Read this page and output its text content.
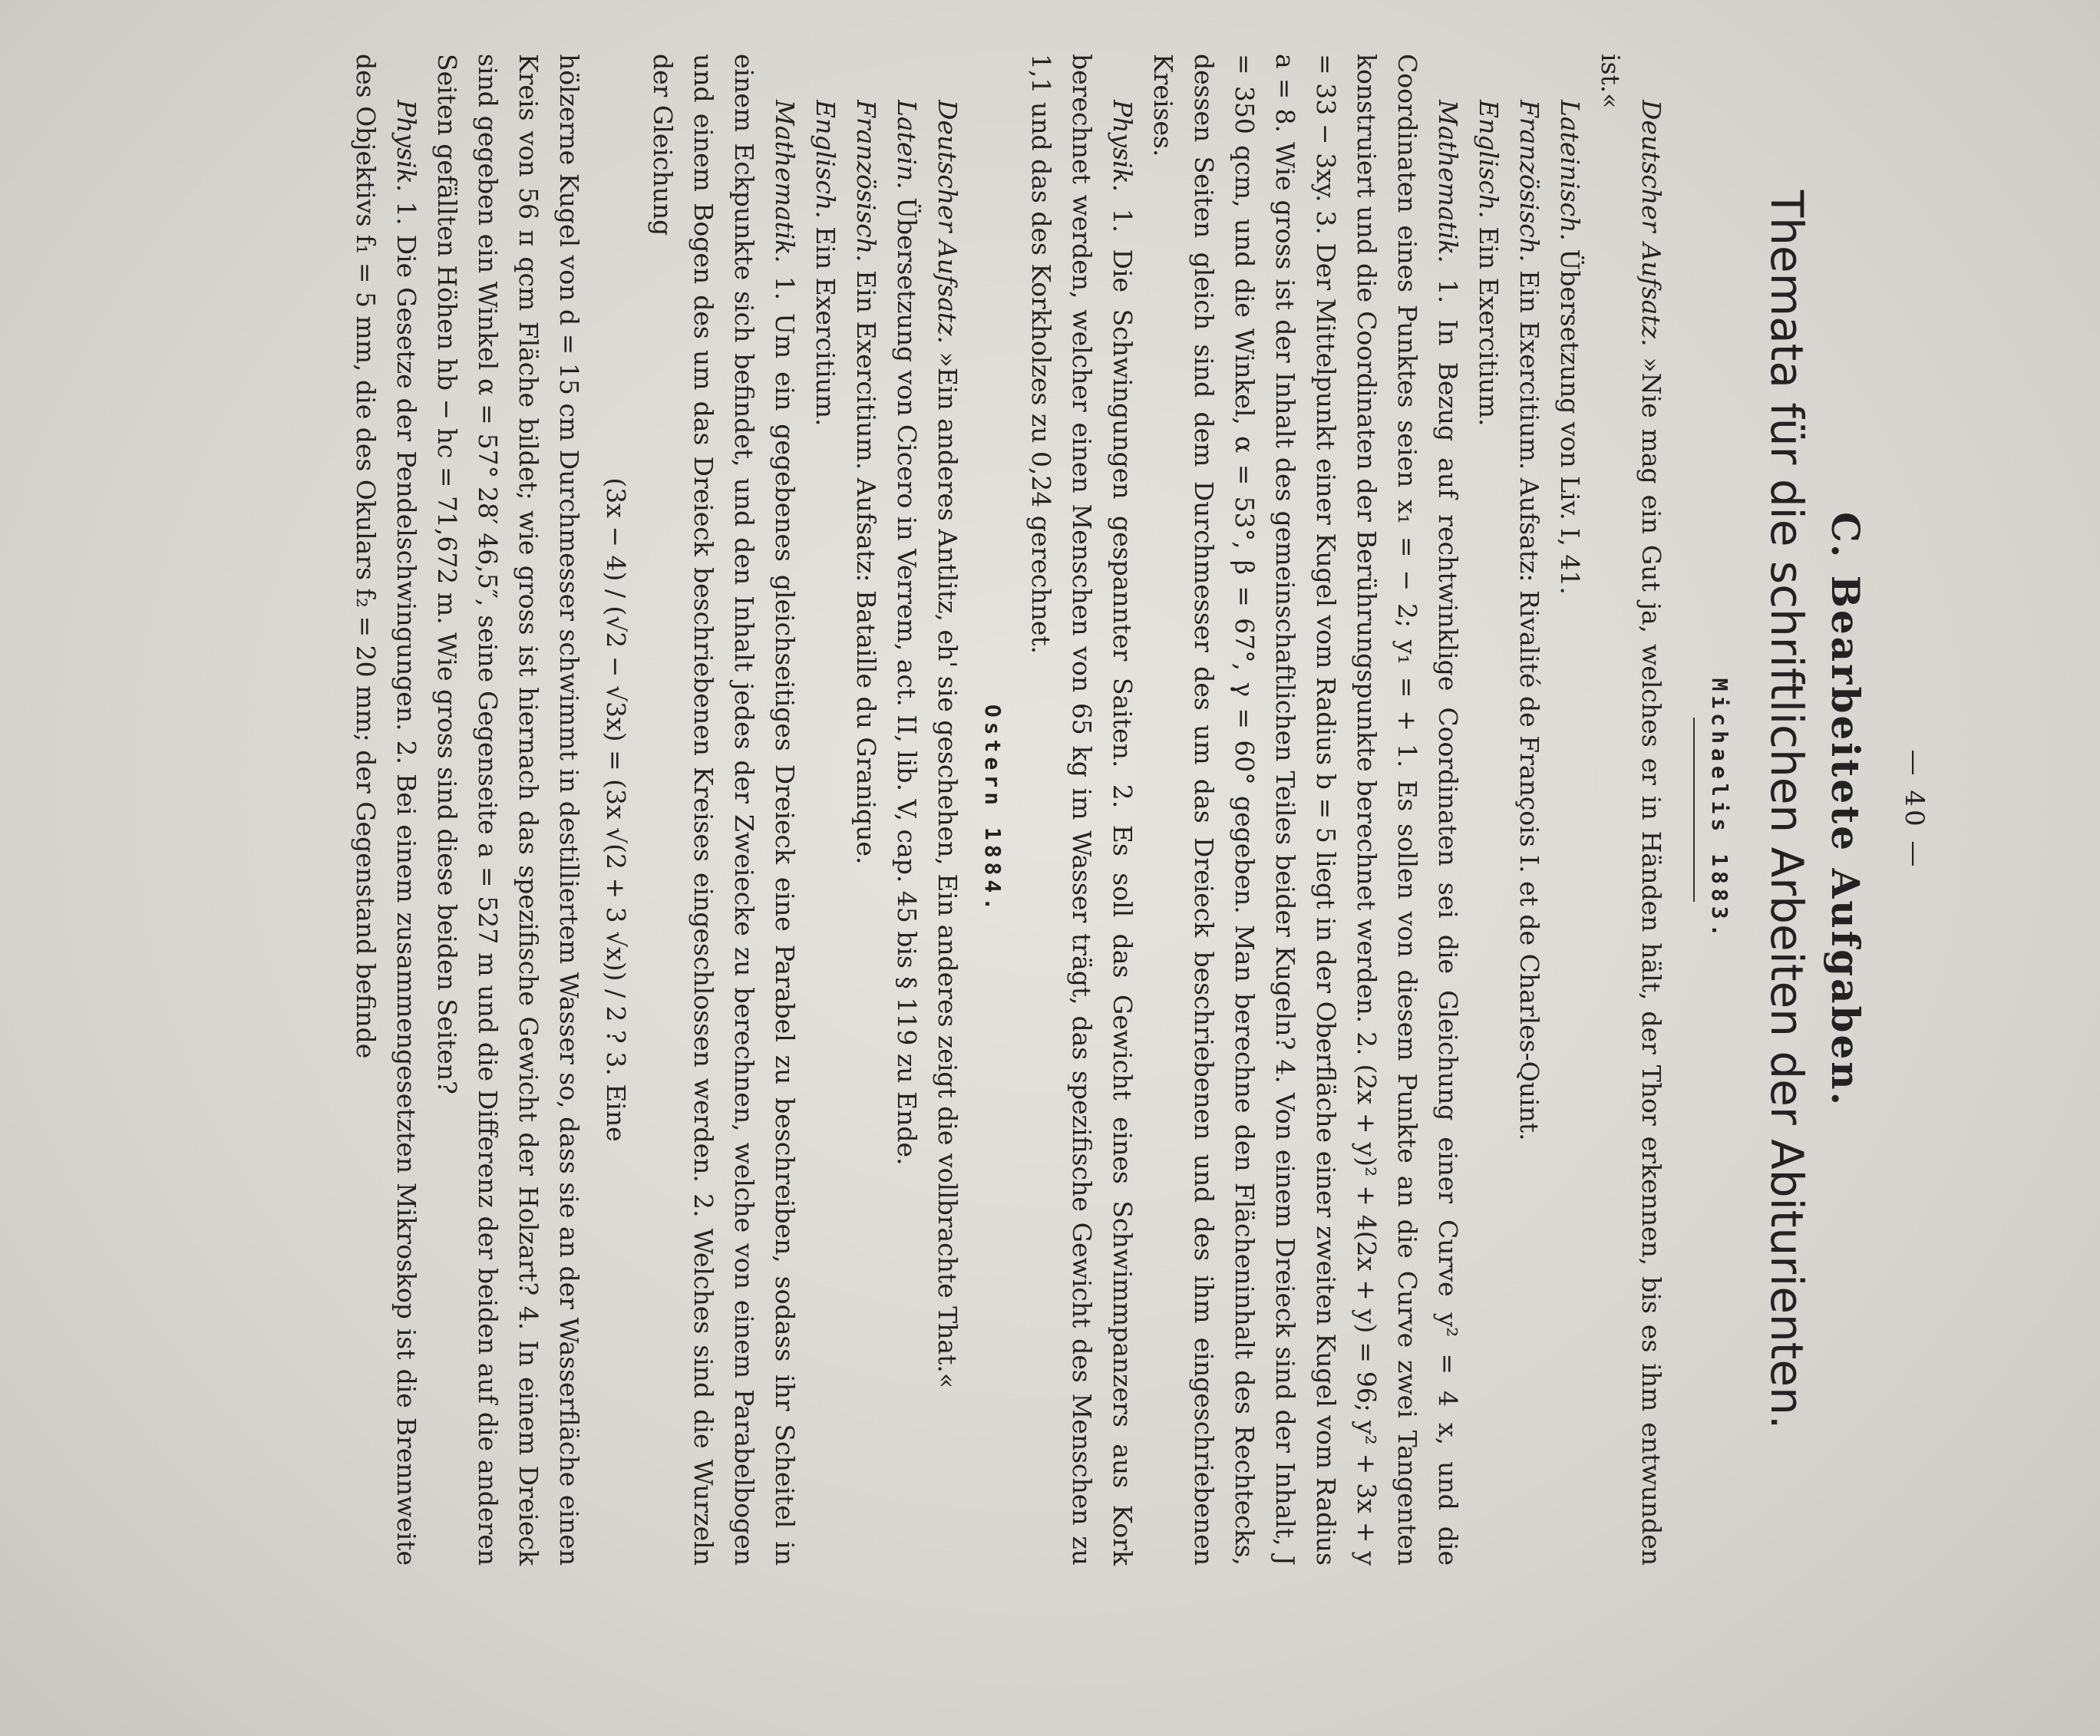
— 40 —
C. Bearbeitete Aufgaben.
Themata für die schriftlichen Arbeiten der Abiturienten.
Michaelis 1883.

Deutscher Aufsatz. »Nie mag ein Gut ja, welches er in Händen hält, der Thor erkennen, bis es ihm entwunden ist.«

Lateinisch. Übersetzung von Liv. I, 41.

Französisch. Ein Exercitium. Aufsatz: Rivalité de François I. et de Charles-Quint.

Englisch. Ein Exercitium.

Mathematik. 1. In Bezug auf rechtwinklige Coordinaten sei die Gleichung einer Curve y² = 4 x, und die Coordinaten eines Punktes seien x₁ = − 2; y₁ = + 1. Es sollen von diesem Punkte an die Curve zwei Tangenten konstruiert und die Coordinaten der Berührungspunkte berechnet werden. 2. (2x + y)² + 4(2x + y) = 96; y² + 3x + y = 33 − 3xy. 3. Der Mittelpunkt einer Kugel vom Radius b = 5 liegt in der Oberfläche einer zweiten Kugel vom Radius a = 8. Wie gross ist der Inhalt des gemeinschaftlichen Teiles beider Kugeln? 4. Von einem Dreieck sind der Inhalt, J = 350 qcm, und die Winkel, α = 53°, β = 67°, γ = 60° gegeben. Man berechne den Flächeninhalt des Rechtecks, dessen Seiten gleich sind dem Durchmesser des um das Dreieck beschriebenen und des ihm eingeschriebenen Kreises.

Physik. 1. Die Schwingungen gespannter Saiten. 2. Es soll das Gewicht eines Schwimmpanzers aus Kork berechnet werden, welcher einen Menschen von 65 kg im Wasser trägt, das spezifische Gewicht des Menschen zu 1,1 und das des Korkholzes zu 0,24 gerechnet.

Ostern 1884.

Deutscher Aufsatz. »Ein anderes Antlitz, eh' sie geschehen, Ein anderes zeigt die vollbrachte That.«

Latein. Übersetzung von Cicero in Verrem, act. II, lib. V, cap. 45 bis § 119 zu Ende.

Französisch. Ein Exercitium. Aufsatz: Bataille du Granique.

Englisch. Ein Exercitium.

Mathematik. 1. Um ein gegebenes gleichseitiges Dreieck eine Parabel zu beschreiben, sodass ihr Scheitel in einem Eckpunkte sich befindet, und den Inhalt jedes der Zweiecke zu berechnen, welche von einem Parabelbogen und einem Bogen des um das Dreieck beschriebenen Kreises eingeschlossen werden. 2. Welches sind die Wurzeln der Gleichung

(3x − 4) / (√2 − √3x) = (3x √(2 + 3 √x)) / 2 ? 3. Eine

hölzerne Kugel von d = 15 cm Durchmesser schwimmt in destilliertem Wasser so, dass sie an der Wasserfläche einen Kreis von 56 π qcm Fläche bildet; wie gross ist hiernach das spezifische Gewicht der Holzart? 4. In einem Dreieck sind gegeben ein Winkel α = 57° 28′ 46,5″, seine Gegenseite a = 527 m und die Differenz der beiden auf die anderen Seiten gefällten Höhen hb − hc = 71,672 m. Wie gross sind diese beiden Seiten?

Physik. 1. Die Gesetze der Pendelschwingungen. 2. Bei einem zusammengesetzten Mikroskop ist die Brennweite des Objektivs f₁ = 5 mm, die des Okulars f₂ = 20 mm; der Gegenstand befinde
